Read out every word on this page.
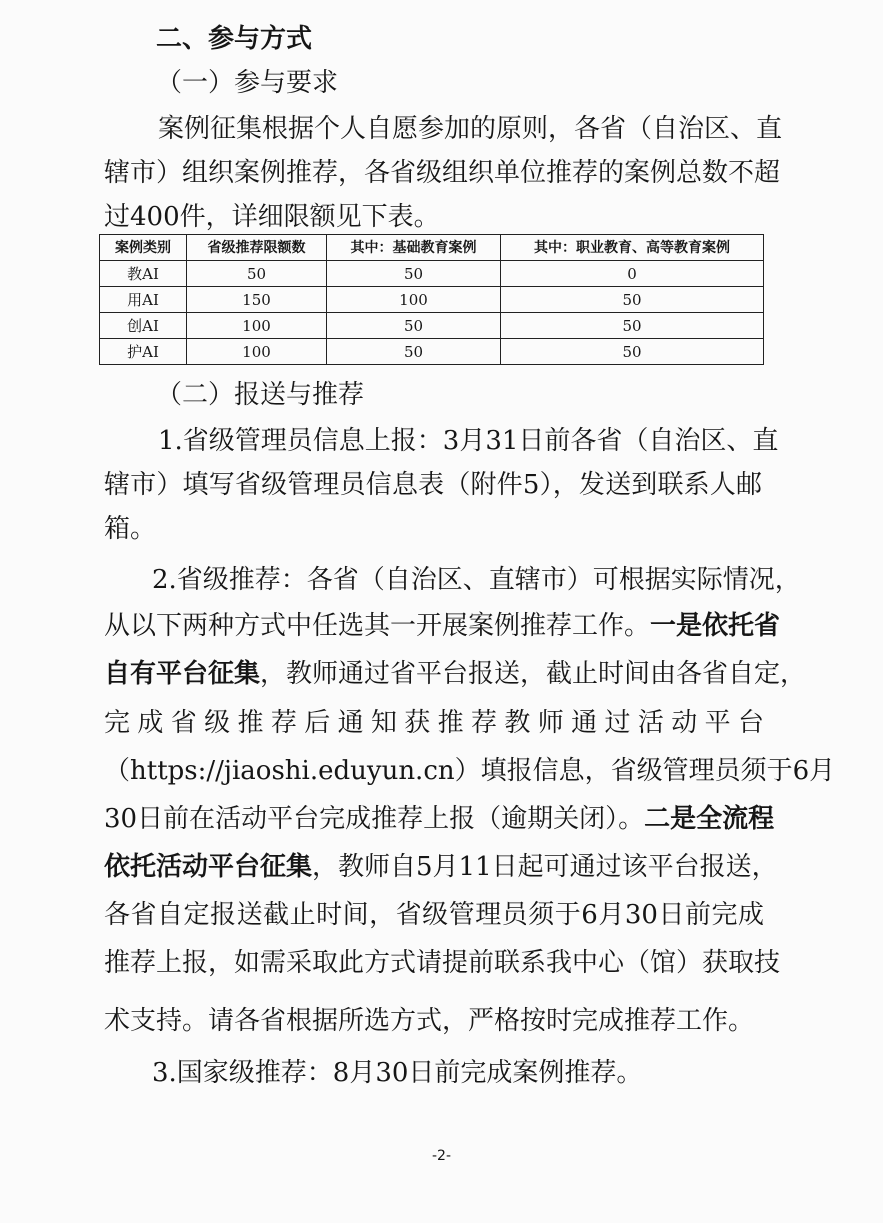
二、参与方式
（一）参与要求
案例征集根据个人自愿参加的原则，各省（自治区、直
辖市）组织案例推荐，各省级组织单位推荐的案例总数不超
过400件，详细限额见下表。
案例类别	省级推荐限额数	其中：基础教育案例	其中：职业教育、高等教育案例
教AI	50	50	0
用AI	150	100	50
创AI	100	50	50
护AI	100	50	50
（二）报送与推荐
1.省级管理员信息上报：3月31日前各省（自治区、直
辖市）填写省级管理员信息表（附件5），发送到联系人邮
箱。
2.省级推荐：各省（自治区、直辖市）可根据实际情况，
从以下两种方式中任选其一开展案例推荐工作。一是依托省
自有平台征集，教师通过省平台报送，截止时间由各省自定，
完成省级推荐后通知获推荐教师通过活动平台
（https://jiaoshi.eduyun.cn）填报信息，省级管理员须于6月
30日前在活动平台完成推荐上报（逾期关闭）。二是全流程
依托活动平台征集，教师自5月11日起可通过该平台报送，
各省自定报送截止时间，省级管理员须于6月30日前完成
推荐上报，如需采取此方式请提前联系我中心（馆）获取技
术支持。请各省根据所选方式，严格按时完成推荐工作。
3.国家级推荐：8月30日前完成案例推荐。
-2-
